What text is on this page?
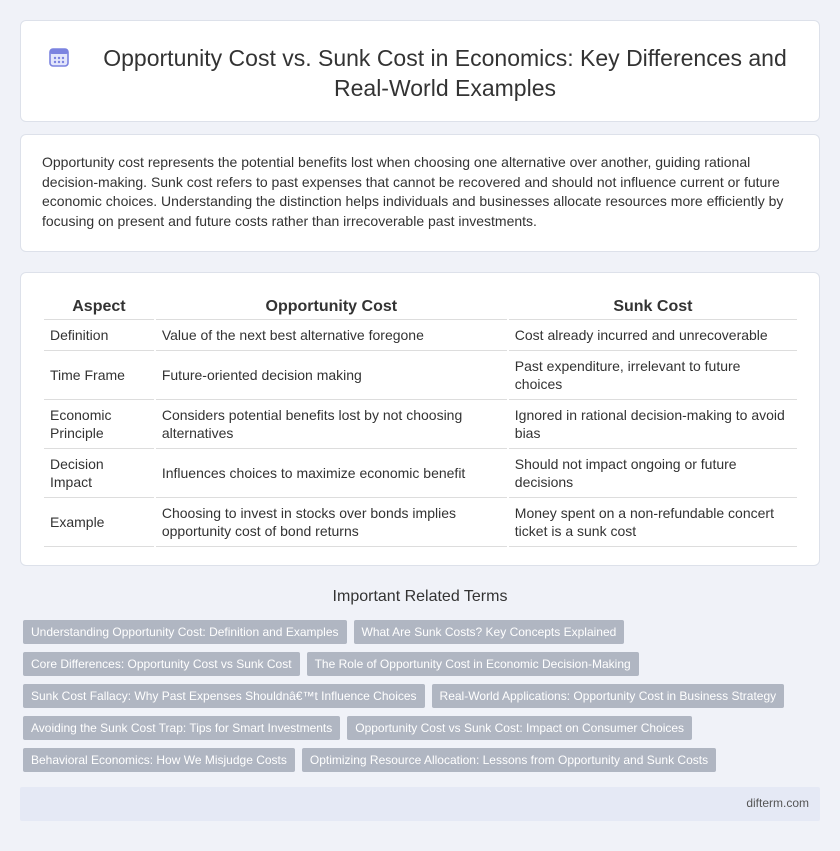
Opportunity Cost vs. Sunk Cost in Economics: Key Differences and Real-World Examples

Opportunity cost represents the potential benefits lost when choosing one alternative over another, guiding rational decision-making. Sunk cost refers to past expenses that cannot be recovered and should not influence current or future economic choices. Understanding the distinction helps individuals and businesses allocate resources more efficiently by focusing on present and future costs rather than irrecoverable past investments.

Aspect	Opportunity Cost	Sunk Cost
Definition	Value of the next best alternative foregone	Cost already incurred and unrecoverable
Time Frame	Future-oriented decision making	Past expenditure, irrelevant to future choices
Economic Principle	Considers potential benefits lost by not choosing alternatives	Ignored in rational decision-making to avoid bias
Decision Impact	Influences choices to maximize economic benefit	Should not impact ongoing or future decisions
Example	Choosing to invest in stocks over bonds implies opportunity cost of bond returns	Money spent on a non-refundable concert ticket is a sunk cost
Important Related Terms
Understanding Opportunity Cost: Definition and Examples	What Are Sunk Costs? Key Concepts Explained
Core Differences: Opportunity Cost vs Sunk Cost	The Role of Opportunity Cost in Economic Decision-Making
Sunk Cost Fallacy: Why Past Expenses Shouldnâ€™t Influence Choices	Real-World Applications: Opportunity Cost in Business Strategy
Avoiding the Sunk Cost Trap: Tips for Smart Investments	Opportunity Cost vs Sunk Cost: Impact on Consumer Choices
Behavioral Economics: How We Misjudge Costs	Optimizing Resource Allocation: Lessons from Opportunity and Sunk Costs
difterm.com
